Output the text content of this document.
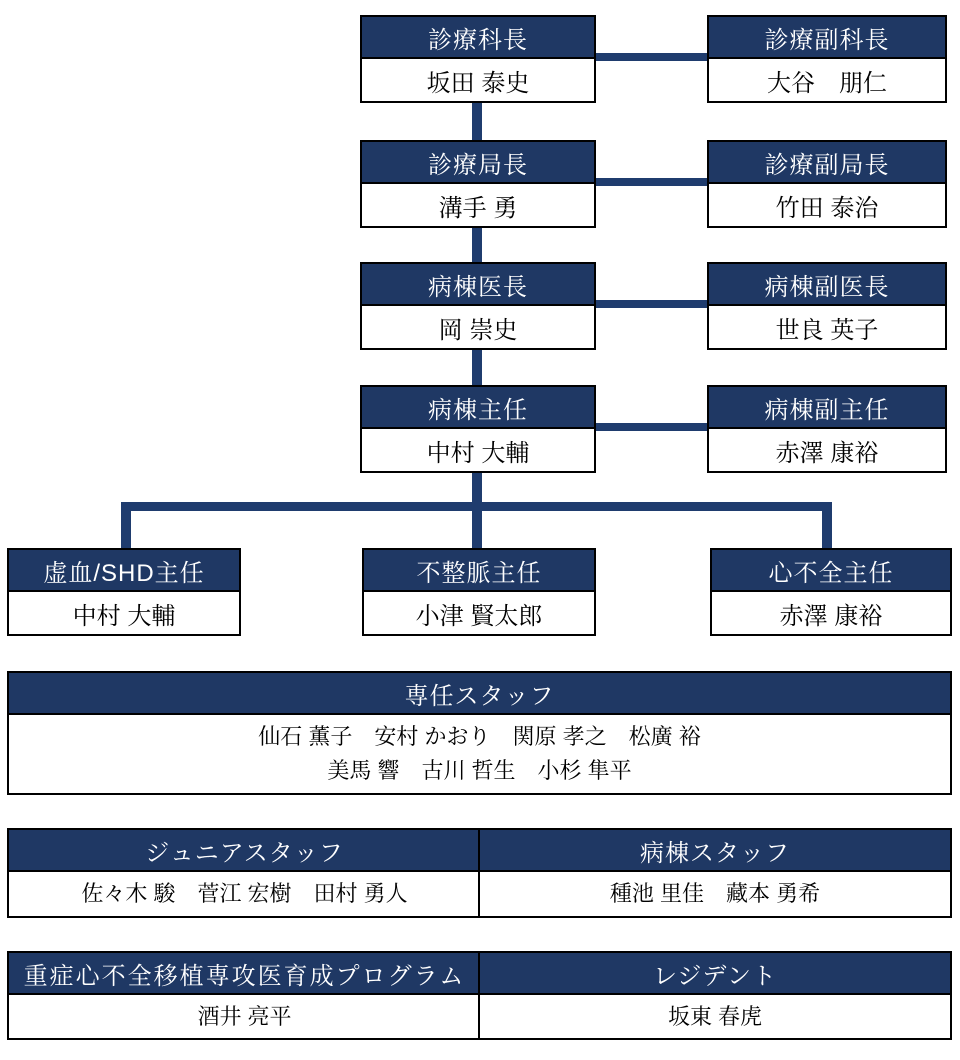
診療科長
坂田 泰史
診療局長
溝手 勇
病棟医長
岡 崇史
病棟主任
中村 大輔
診療副科長
大谷　朋仁
診療副局長
竹田 泰治
病棟副医長
世良 英子
病棟副主任
赤澤 康裕
虚血/SHD主任
中村 大輔
不整脈主任
小津 賢太郎
心不全主任
赤澤 康裕
専任スタッフ
仙石 薫子　安村 かおり　関原 孝之　松廣 裕
美馬 響　古川 哲生　小杉 隼平
ジュニアスタッフ
佐々木 駿　菅江 宏樹　田村 勇人
病棟スタッフ
種池 里佳　藏本 勇希
重症心不全移植専攻医育成プログラム
酒井 亮平
レジデント
坂東 春虎
